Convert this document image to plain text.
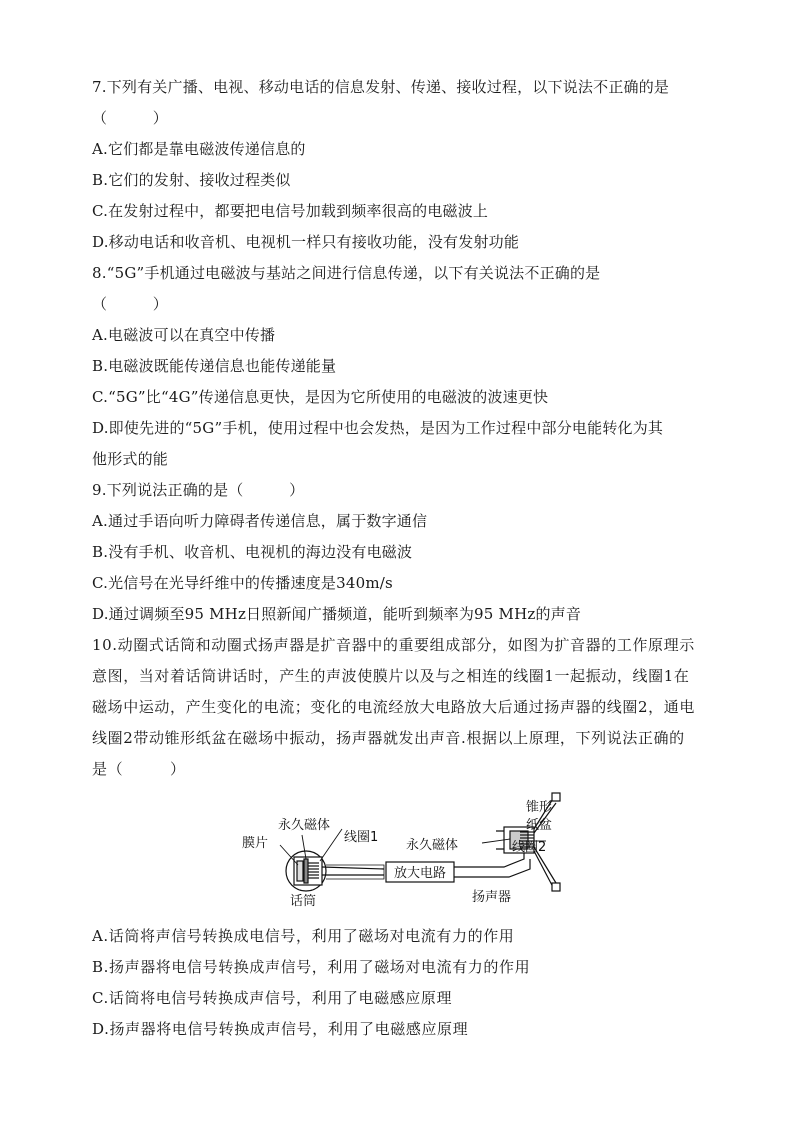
7.下列有关广播、电视、移动电话的信息发射、传递、接收过程，以下说法不正确的是
（　　　）
A.它们都是靠电磁波传递信息的
B.它们的发射、接收过程类似
C.在发射过程中，都要把电信号加载到频率很高的电磁波上
D.移动电话和收音机、电视机一样只有接收功能，没有发射功能
8.“5G”手机通过电磁波与基站之间进行信息传递，以下有关说法不正确的是
（　　　）
A.电磁波可以在真空中传播
B.电磁波既能传递信息也能传递能量
C.“5G”比“4G”传递信息更快，是因为它所使用的电磁波的波速更快
D.即使先进的“5G”手机，使用过程中也会发热，是因为工作过程中部分电能转化为其
他形式的能
9.下列说法正确的是（　　　）
A.通过手语向听力障碍者传递信息，属于数字通信
B.没有手机、收音机、电视机的海边没有电磁波
C.光信号在光导纤维中的传播速度是340m/s
D.通过调频至95 MHz日照新闻广播频道，能听到频率为95 MHz的声音
10.动圈式话筒和动圈式扬声器是扩音器中的重要组成部分，如图为扩音器的工作原理示
意图，当对着话筒讲话时，产生的声波使膜片以及与之相连的线圈1一起振动，线圈1在
磁场中运动，产生变化的电流；变化的电流经放大电路放大后通过扬声器的线圈2，通电
线圈2带动锥形纸盆在磁场中振动，扬声器就发出声音.根据以上原理，下列说法正确的
是（　　　）
永久磁体
线圈1
膜片
放大电路
话筒
永久磁体	线圈2
锥形
纸盆
扬声器
A.话筒将声信号转换成电信号，利用了磁场对电流有力的作用
B.扬声器将电信号转换成声信号，利用了磁场对电流有力的作用
C.话筒将电信号转换成声信号，利用了电磁感应原理
D.扬声器将电信号转换成声信号，利用了电磁感应原理
